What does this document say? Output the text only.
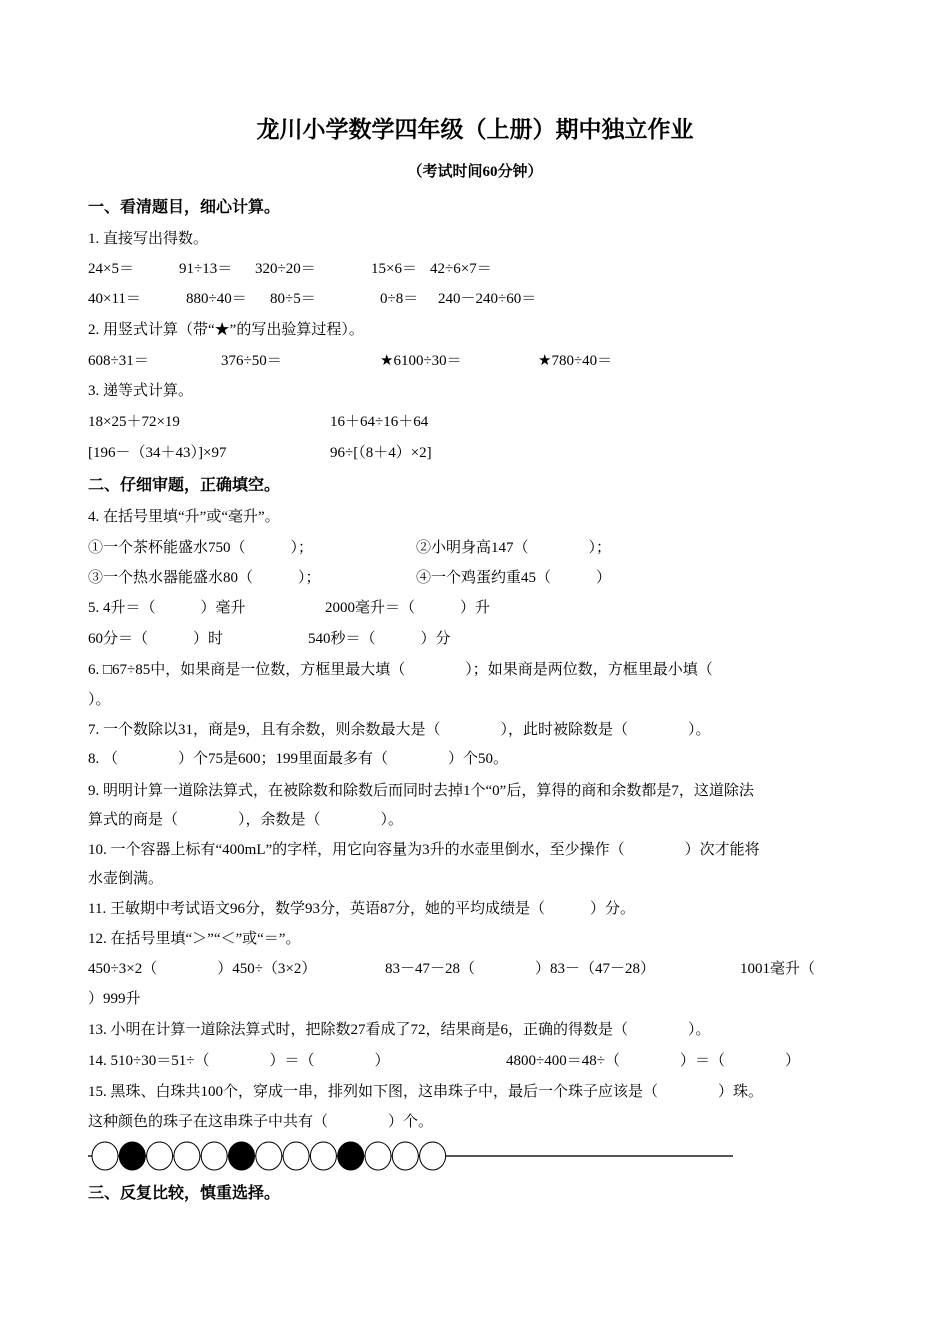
龙川小学数学四年级（上册）期中独立作业
（考试时间60分钟）
一、看清题目，细心计算。
1. 直接写出得数。
24×5＝	91÷13＝	320÷20＝	15×6＝ 42÷6×7＝
40×11＝	880÷40＝	80÷5＝	0÷8＝	240－240÷60＝
2. 用竖式计算（带“★”的写出验算过程）。
608÷31＝	376÷50＝	★6100÷30＝	★780÷40＝
3. 递等式计算。
18×25＋72×19	16＋64÷16＋64
[196－（34＋43）]×97	96÷[（8＋4）×2]
二、仔细审题，正确填空。
4. 在括号里填“升”或“毫升”。
①一个茶杯能盛水750（　　　）；	②小明身高147（　　　　）；
③一个热水器能盛水80（　　　）；	④一个鸡蛋约重45（　　　）
5. 4升＝（　　　）毫升	2000毫升＝（　　　）升
60分＝（　　　）时	540秒＝（　　　）分
6. □67÷85中，如果商是一位数，方框里最大填（　　　　）；如果商是两位数，方框里最小填（
）。
7. 一个数除以31，商是9，且有余数，则余数最大是（　　　　），此时被除数是（　　　　）。
8. （　　　　）个75是600；199里面最多有（　　　　）个50。
9. 明明计算一道除法算式，在被除数和除数后而同时去掉1个“0”后，算得的商和余数都是7，这道除法
算式的商是（　　　　），余数是（　　　　）。
10. 一个容器上标有“400mL”的字样，用它向容量为3升的水壶里倒水，至少操作（　　　　）次才能将
水壶倒满。
11. 王敏期中考试语文96分，数学93分，英语87分，她的平均成绩是（　　　）分。
12. 在括号里填“＞”“＜”或“＝”。
450÷3×2（　　　　）450÷（3×2）	83－47－28（　　　　）83－（47－28）	1001毫升（
）999升
13. 小明在计算一道除法算式时，把除数27看成了72，结果商是6，正确的得数是（　　　　）。
14. 510÷30＝51÷（　　　　）＝（　　　　）	4800÷400＝48÷（　　　　）＝（　　　　）
15. 黑珠、白珠共100个，穿成一串，排列如下图，这串珠子中，最后一个珠子应该是（　　　　）珠。
这种颜色的珠子在这串珠子中共有（　　　　）个。
三、反复比较，慎重选择。
